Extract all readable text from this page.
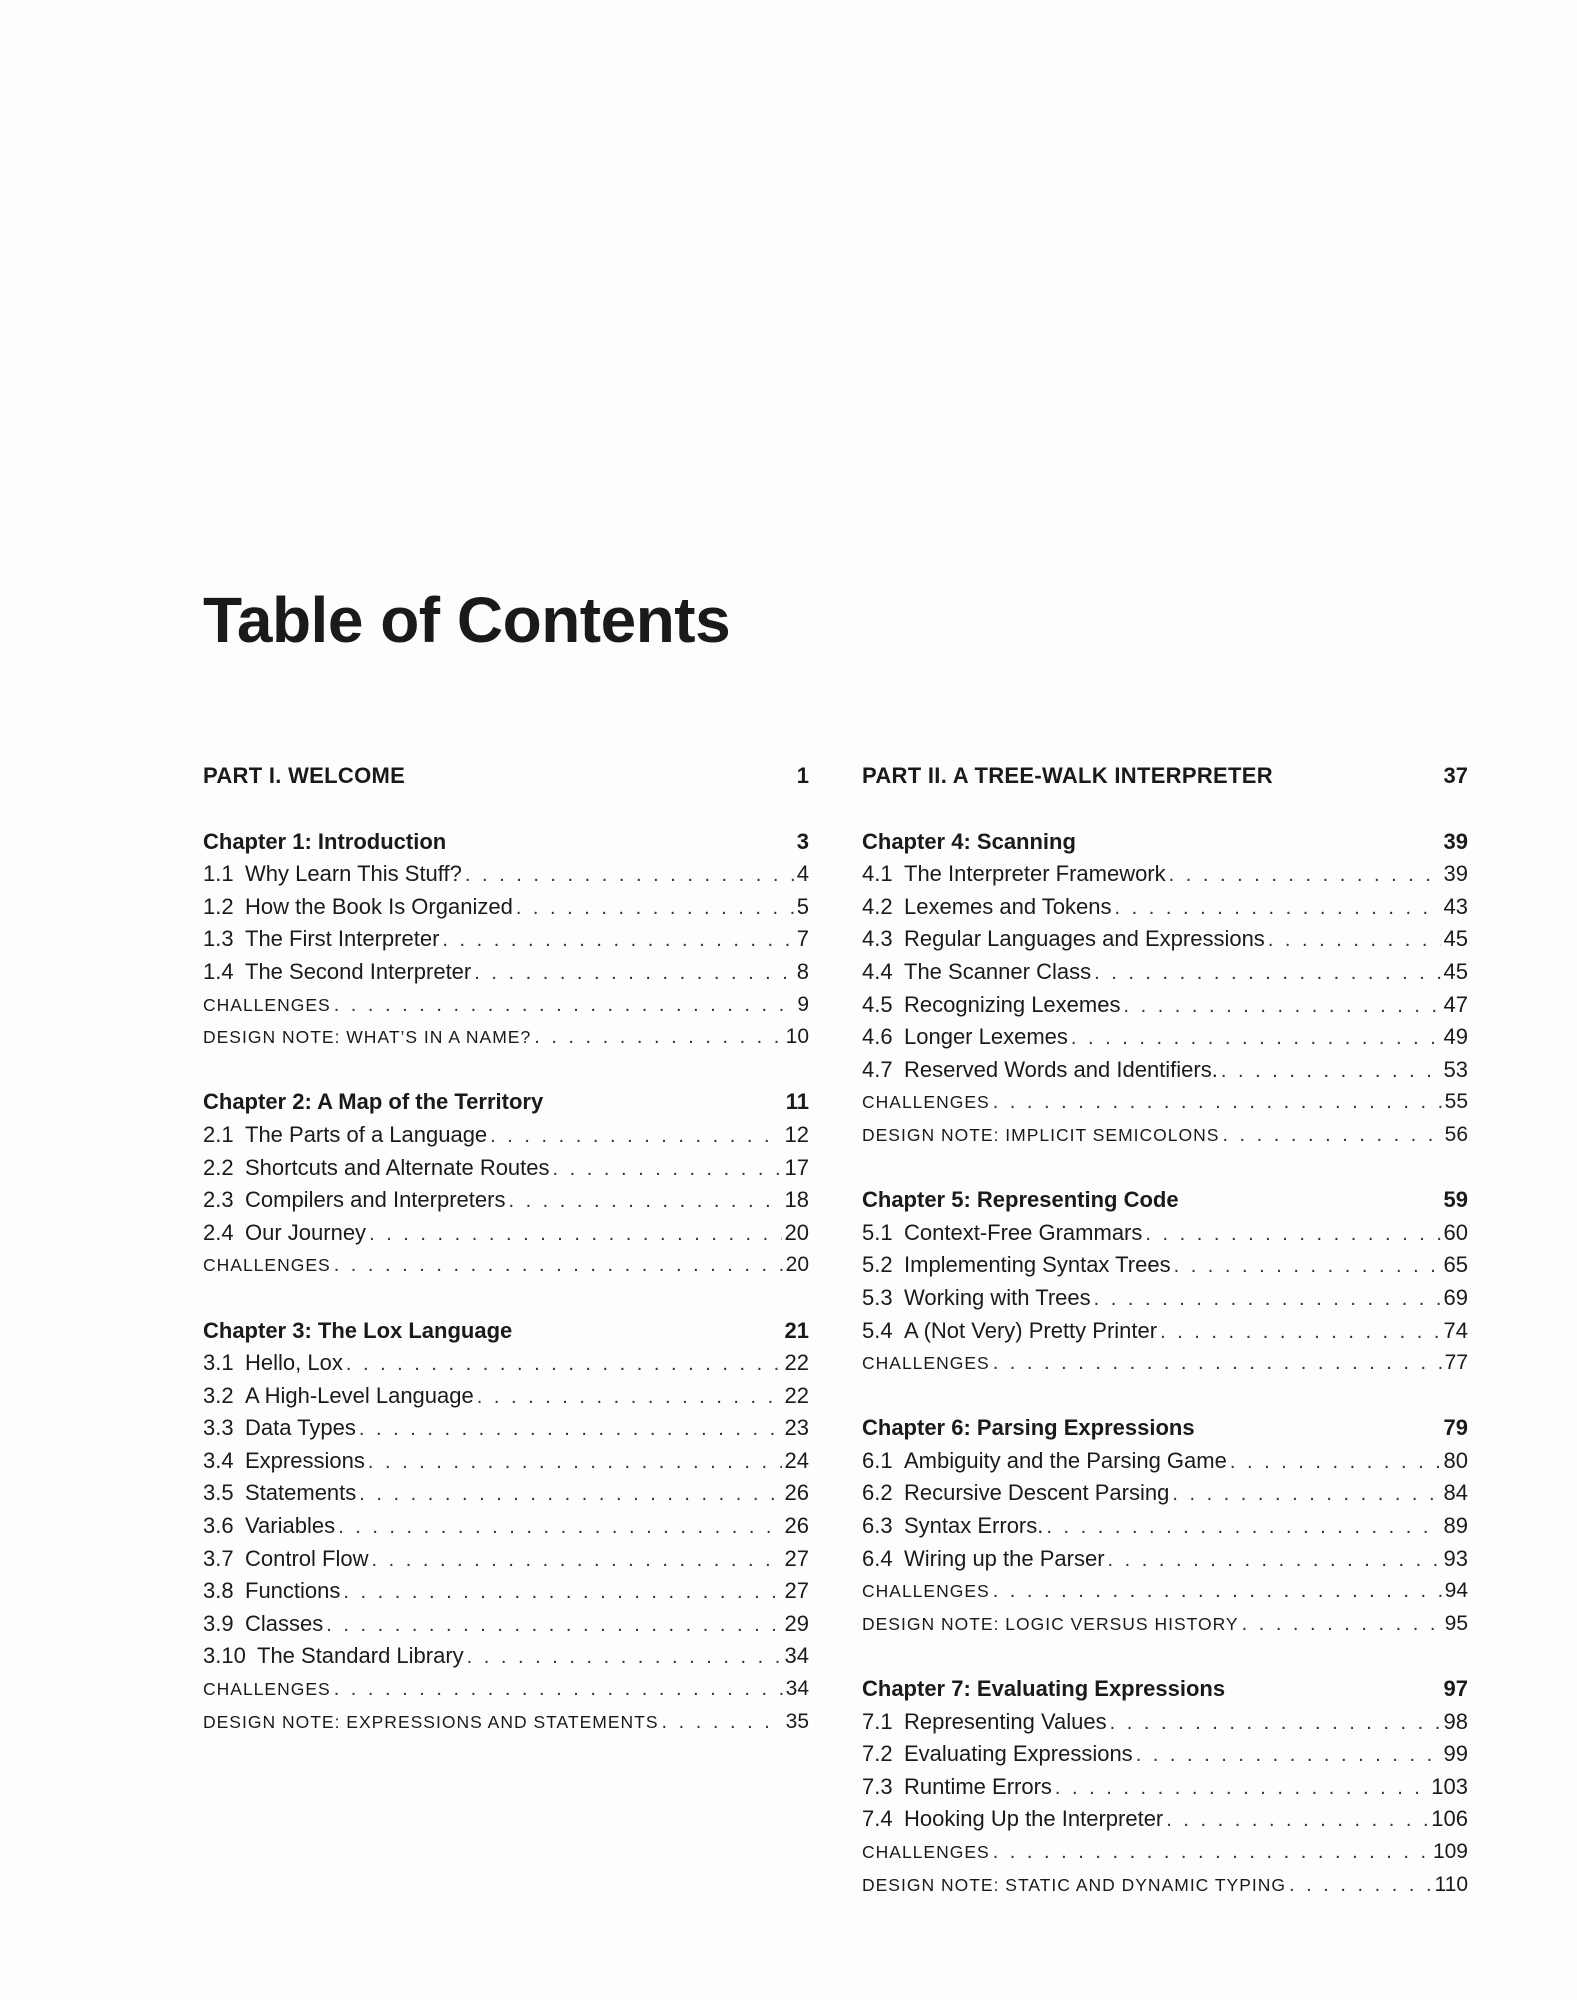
Table of Contents
PART I. WELCOME	1
Chapter 1: Introduction	3
1.1 Why Learn This Stuff? . . .	4
1.2 How the Book Is Organized . . .	5
1.3 The First Interpreter . . .	7
1.4 The Second Interpreter . . .	8
CHALLENGES . . .	9
DESIGN NOTE: WHAT’S IN A NAME? . . .	10
Chapter 2: A Map of the Territory	11
2.1 The Parts of a Language . . .	12
2.2 Shortcuts and Alternate Routes . . .	17
2.3 Compilers and Interpreters . . .	18
2.4 Our Journey . . .	20
CHALLENGES . . .	20
Chapter 3: The Lox Language	21
3.1 Hello, Lox . . .	22
3.2 A High-Level Language . . .	22
3.3 Data Types . . .	23
3.4 Expressions . . .	24
3.5 Statements . . .	26
3.6 Variables . . .	26
3.7 Control Flow . . .	27
3.8 Functions . . .	27
3.9 Classes . . .	29
3.10 The Standard Library . . .	34
CHALLENGES . . .	34
DESIGN NOTE: EXPRESSIONS AND STATEMENTS . . .	35
PART II. A TREE-WALK INTERPRETER	37
Chapter 4: Scanning	39
4.1 The Interpreter Framework . . .	39
4.2 Lexemes and Tokens . . .	43
4.3 Regular Languages and Expressions . . .	45
4.4 The Scanner Class . . .	45
4.5 Recognizing Lexemes . . .	47
4.6 Longer Lexemes . . .	49
4.7 Reserved Words and Identifiers. . . .	53
CHALLENGES . . .	55
DESIGN NOTE: IMPLICIT SEMICOLONS . . .	56
Chapter 5: Representing Code	59
5.1 Context-Free Grammars . . .	60
5.2 Implementing Syntax Trees . . .	65
5.3 Working with Trees . . .	69
5.4 A (Not Very) Pretty Printer . . .	74
CHALLENGES . . .	77
Chapter 6: Parsing Expressions	79
6.1 Ambiguity and the Parsing Game . . .	80
6.2 Recursive Descent Parsing . . .	84
6.3 Syntax Errors. . . .	89
6.4 Wiring up the Parser . . .	93
CHALLENGES . . .	94
DESIGN NOTE: LOGIC VERSUS HISTORY . . .	95
Chapter 7: Evaluating Expressions	97
7.1 Representing Values . . .	98
7.2 Evaluating Expressions . . .	99
7.3 Runtime Errors . . .	103
7.4 Hooking Up the Interpreter . . .	106
CHALLENGES . . .	109
DESIGN NOTE: STATIC AND DYNAMIC TYPING . . .	110
